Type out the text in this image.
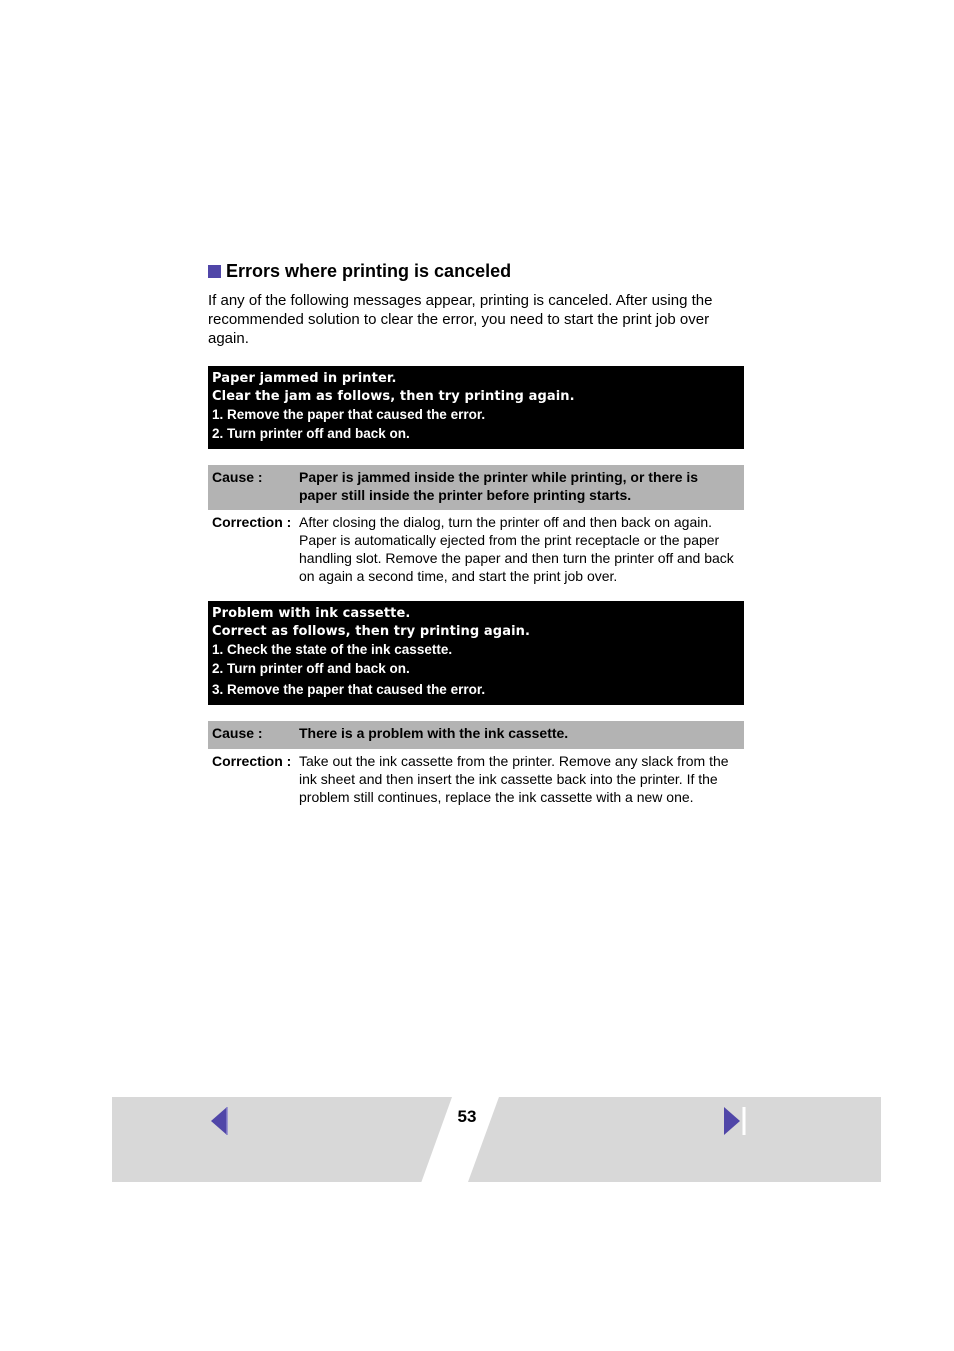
Errors where printing is canceled
If any of the following messages appear, printing is canceled. After using the recommended solution to clear the error, you need to start the print job over again.
Paper jammed in printer.
Clear the jam as follows, then try printing again.
1. Remove the paper that caused the error.
2. Turn printer off and back on.
Cause :	Paper is jammed inside the printer while printing, or there is paper still inside the printer before printing starts.
Correction : After closing the dialog, turn the printer off and then back on again. Paper is automatically ejected from the print receptacle or the paper handling slot. Remove the paper and then turn the printer off and back on again a second time, and start the print job over.
Problem with ink cassette.
Correct as follows, then try printing again.
1. Check the state of the ink cassette.
2. Turn printer off and back on.
3. Remove the paper that caused the error.
Cause :	There is a problem with the ink cassette.
Correction : Take out the ink cassette from the printer. Remove any slack from the ink sheet and then insert the ink cassette back into the printer. If the problem still continues, replace the ink cassette with a new one.
53
